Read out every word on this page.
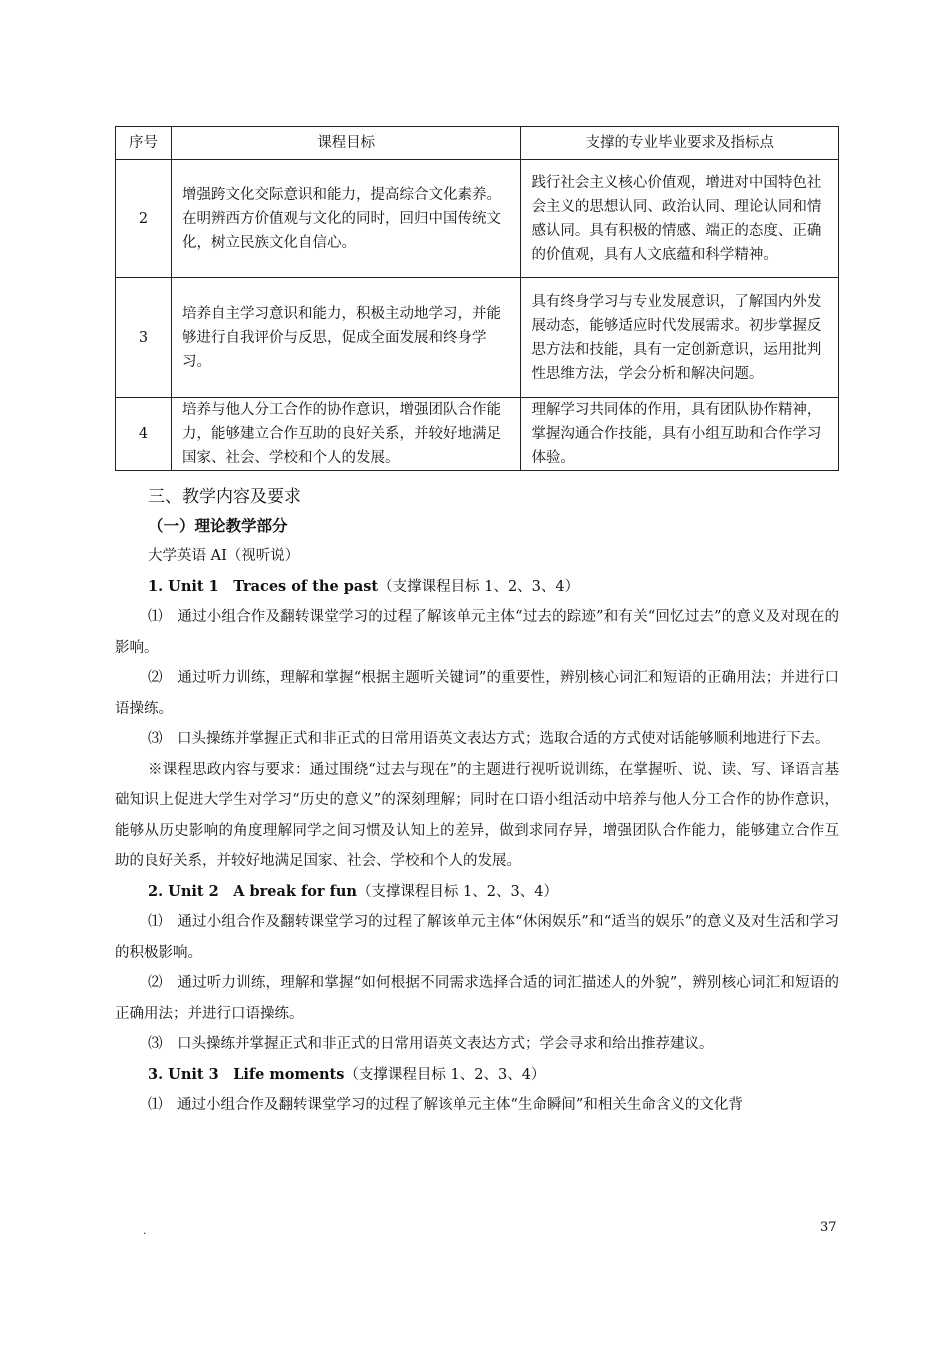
序号	课程目标	支撑的专业毕业要求及指标点
2	增强跨文化交际意识和能力，提高综合文化素养。在明辨西方价值观与文化的同时，回归中国传统文化，树立民族文化自信心。	践行社会主义核心价值观，增进对中国特色社会主义的思想认同、政治认同、理论认同和情感认同。具有积极的情感、端正的态度、正确的价值观，具有人文底蕴和科学精神。
3	培养自主学习意识和能力，积极主动地学习，并能够进行自我评价与反思，促成全面发展和终身学习。	具有终身学习与专业发展意识，了解国内外发展动态，能够适应时代发展需求。初步掌握反思方法和技能，具有一定创新意识，运用批判性思维方法，学会分析和解决问题。
4	培养与他人分工合作的协作意识，增强团队合作能力，能够建立合作互助的良好关系，并较好地满足国家、社会、学校和个人的发展。	理解学习共同体的作用，具有团队协作精神，掌握沟通合作技能，具有小组互助和合作学习体验。
三、教学内容及要求
（一）理论教学部分

大学英语 AI（视听说）

1. Unit 1　Traces of the past（支撑课程目标 1、2、3、4）

⑴　通过小组合作及翻转课堂学习的过程了解该单元主体“过去的踪迹”和有关“回忆过去”的意义及对现在的影响。

⑵　通过听力训练，理解和掌握“根据主题听关键词”的重要性，辨别核心词汇和短语的正确用法；并进行口语操练。

⑶　口头操练并掌握正式和非正式的日常用语英文表达方式；选取合适的方式使对话能够顺利地进行下去。

※课程思政内容与要求：通过围绕“过去与现在”的主题进行视听说训练，在掌握听、说、读、写、译语言基础知识上促进大学生对学习“历史的意义”的深刻理解；同时在口语小组活动中培养与他人分工合作的协作意识，能够从历史影响的角度理解同学之间习惯及认知上的差异，做到求同存异，增强团队合作能力，能够建立合作互助的良好关系，并较好地满足国家、社会、学校和个人的发展。

2. Unit 2　A break for fun（支撑课程目标 1、2、3、4）

⑴　通过小组合作及翻转课堂学习的过程了解该单元主体“休闲娱乐”和“适当的娱乐”的意义及对生活和学习的积极影响。

⑵　通过听力训练，理解和掌握“如何根据不同需求选择合适的词汇描述人的外貌”，辨别核心词汇和短语的正确用法；并进行口语操练。

⑶　口头操练并掌握正式和非正式的日常用语英文表达方式；学会寻求和给出推荐建议。

3. Unit 3　Life moments（支撑课程目标 1、2、3、4）

⑴　通过小组合作及翻转课堂学习的过程了解该单元主体“生命瞬间”和相关生命含义的文化背

.	37
